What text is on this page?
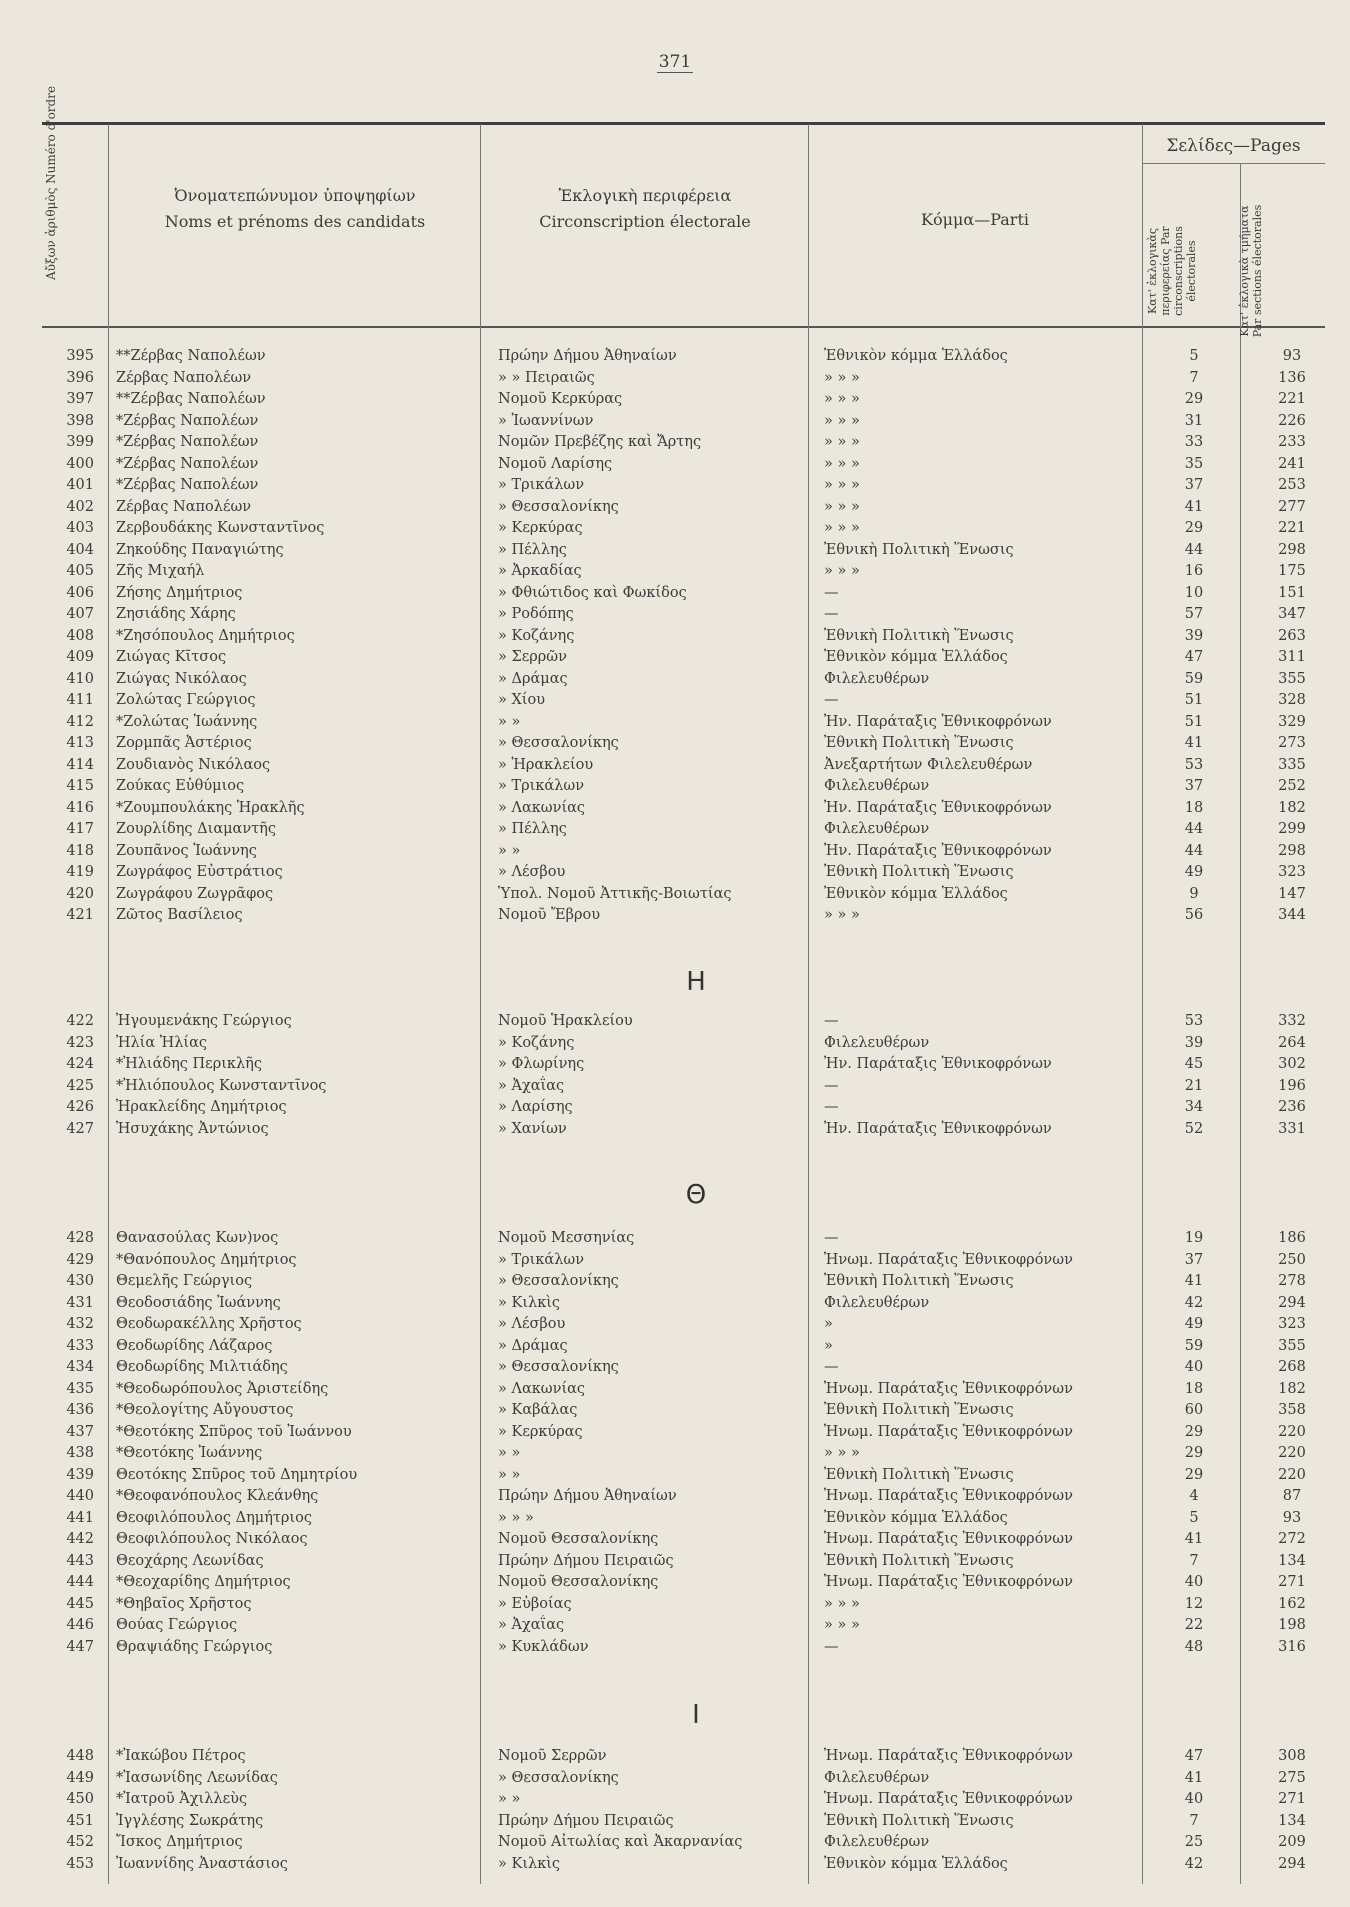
371
Αὔξων ἀριθμὸς Numéro d'ordre	Ὀνοματεπώνυμον ὑποψηφίων
Noms et prénoms des candidats
Ἐκλογικὴ περιφέρεια
Circonscription électorale	Κόμμα—Parti
Σελίδες—Pages
Κατ' ἐκλογικὰς περιφερείας Par circonscriptions électorales	Κατ' ἐκλογικὰ τμήματα Par sections électorales
395 **Ζέρβας Ναπολέων	Πρώην Δήμου Ἀθηναίων	Ἐθνικὸν κόμμα Ἑλλάδος	5	93
396 Ζέρβας Ναπολέων	» » Πειραιῶς	» » »	7	136
397 **Ζέρβας Ναπολέων	Νομοῦ Κερκύρας	» » »	29	221
398 *Ζέρβας Ναπολέων	» Ἰωαννίνων	» » »	31	226
399 *Ζέρβας Ναπολέων	Νομῶν Πρεβέζης καὶ Ἄρτης	» » »	33	233
400 *Ζέρβας Ναπολέων	Νομοῦ Λαρίσης	» » »	35	241
401 *Ζέρβας Ναπολέων	» Τρικάλων	» » »	37	253
402 Ζέρβας Ναπολέων	» Θεσσαλονίκης	» » »	41	277
403 Ζερβουδάκης Κωνσταντῖνος	» Κερκύρας	» » »	29	221
404 Ζηκούδης Παναγιώτης	» Πέλλης	Ἐθνικὴ Πολιτικὴ Ἕνωσις	44	298
405 Ζῆς Μιχαήλ	» Ἀρκαδίας	» » »	16	175
406 Ζήσης Δημήτριος	» Φθιώτιδος καὶ Φωκίδος	—	10	151
407 Ζησιάδης Χάρης	» Ροδόπης	—	57	347
408 *Ζησόπουλος Δημήτριος	» Κοζάνης	Ἐθνικὴ Πολιτικὴ Ἕνωσις	39	263
409 Ζιώγας Κῖτσος	» Σερρῶν	Ἐθνικὸν κόμμα Ἑλλάδος	47	311
410 Ζιώγας Νικόλαος	» Δράμας	Φιλελευθέρων	59	355
411 Ζολώτας Γεώργιος	» Χίου	—	51	328
412 *Ζολώτας Ἰωάννης	» »	Ἠν. Παράταξις Ἐθνικοφρόνων	51	329
413 Ζορμπᾶς Ἀστέριος	» Θεσσαλονίκης	Ἐθνικὴ Πολιτικὴ Ἕνωσις	41	273
414 Ζουδιανὸς Νικόλαος	» Ἡρακλείου	Ἀνεξαρτήτων Φιλελευθέρων	53	335
415 Ζούκας Εὐθύμιος	» Τρικάλων	Φιλελευθέρων	37	252
416 *Ζουμπουλάκης Ἡρακλῆς	» Λακωνίας	Ἠν. Παράταξις Ἐθνικοφρόνων	18	182
417 Ζουρλίδης Διαμαντῆς	» Πέλλης	Φιλελευθέρων	44	299
418 Ζουπᾶνος Ἰωάννης	» »	Ἠν. Παράταξις Ἐθνικοφρόνων	44	298
419 Ζωγράφος Εὐστράτιος	» Λέσβου	Ἐθνικὴ Πολιτικὴ Ἕνωσις	49	323
420 Ζωγράφου Ζωγρᾶφος	Ὑπολ. Νομοῦ Ἀττικῆς-Βοιωτίας	Ἐθνικὸν κόμμα Ἑλλάδος	9	147
421 Ζῶτος Βασίλειος	Νομοῦ Ἔβρου	» » »	56	344
Η
422 Ἡγουμενάκης Γεώργιος	Νομοῦ Ἡρακλείου	—	53	332
423 Ἠλία Ἠλίας	» Κοζάνης	Φιλελευθέρων	39	264
424 *Ἠλιάδης Περικλῆς	» Φλωρίνης	Ἠν. Παράταξις Ἐθνικοφρόνων	45	302
425 *Ἠλιόπουλος Κωνσταντῖνος	» Ἀχαΐας	—	21	196
426 Ἡρακλείδης Δημήτριος	» Λαρίσης	—	34	236
427 Ἡσυχάκης Ἀντώνιος	» Χανίων	Ἠν. Παράταξις Ἐθνικοφρόνων	52	331
Θ
428 Θανασούλας Κων)νος	Νομοῦ Μεσσηνίας	—	19	186
429 *Θανόπουλος Δημήτριος	» Τρικάλων	Ἡνωμ. Παράταξις Ἐθνικοφρόνων	37	250
430 Θεμελῆς Γεώργιος	» Θεσσαλονίκης	Ἐθνικὴ Πολιτικὴ Ἕνωσις	41	278
431 Θεοδοσιάδης Ἰωάννης	» Κιλκὶς	Φιλελευθέρων	42	294
432 Θεοδωρακέλλης Χρῆστος	» Λέσβου	»	49	323
433 Θεοδωρίδης Λάζαρος	» Δράμας	»	59	355
434 Θεοδωρίδης Μιλτιάδης	» Θεσσαλονίκης	—	40	268
435 *Θεοδωρόπουλος Ἀριστείδης	» Λακωνίας	Ἡνωμ. Παράταξις Ἐθνικοφρόνων	18	182
436 *Θεολογίτης Αὔγουστος	» Καβάλας	Ἐθνικὴ Πολιτικὴ Ἕνωσις	60	358
437 *Θεοτόκης Σπῦρος τοῦ Ἰωάννου	» Κερκύρας	Ἡνωμ. Παράταξις Ἐθνικοφρόνων	29	220
438 *Θεοτόκης Ἰωάννης	» »	» » »	29	220
439 Θεοτόκης Σπῦρος τοῦ Δημητρίου	» »	Ἐθνικὴ Πολιτικὴ Ἕνωσις	29	220
440 *Θεοφανόπουλος Κλεάνθης	Πρώην Δήμου Ἀθηναίων	Ἡνωμ. Παράταξις Ἐθνικοφρόνων	4	87
441 Θεοφιλόπουλος Δημήτριος	» » »	Ἐθνικὸν κόμμα Ἑλλάδος	5	93
442 Θεοφιλόπουλος Νικόλαος	Νομοῦ Θεσσαλονίκης	Ἡνωμ. Παράταξις Ἐθνικοφρόνων	41	272
443 Θεοχάρης Λεωνίδας	Πρώην Δήμου Πειραιῶς	Ἐθνικὴ Πολιτικὴ Ἕνωσις	7	134
444 *Θεοχαρίδης Δημήτριος	Νομοῦ Θεσσαλονίκης	Ἡνωμ. Παράταξις Ἐθνικοφρόνων	40	271
445 *Θηβαῖος Χρῆστος	» Εὐβοίας	» » »	12	162
446 Θούας Γεώργιος	» Ἀχαΐας	» » »	22	198
447 Θραψιάδης Γεώργιος	» Κυκλάδων	—	48	316
Ι
448 *Ἰακώβου Πέτρος	Νομοῦ Σερρῶν	Ἡνωμ. Παράταξις Ἐθνικοφρόνων	47	308
449 *Ἰασωνίδης Λεωνίδας	» Θεσσαλονίκης	Φιλελευθέρων	41	275
450 *Ἰατροῦ Ἀχιλλεὺς	» »	Ἡνωμ. Παράταξις Ἐθνικοφρόνων	40	271
451 Ἰγγλέσης Σωκράτης	Πρώην Δήμου Πειραιῶς	Ἐθνικὴ Πολιτικὴ Ἕνωσις	7	134
452 Ἴσκος Δημήτριος	Νομοῦ Αἰτωλίας καὶ Ἀκαρνανίας	Φιλελευθέρων	25	209
453 Ἰωαννίδης Ἀναστάσιος	» Κιλκὶς	Ἐθνικὸν κόμμα Ἑλλάδος	42	294
